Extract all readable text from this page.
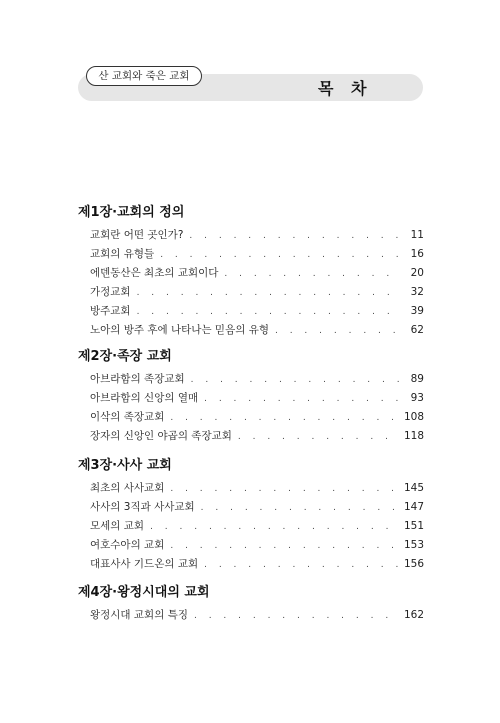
산 교회와 죽은 교회
목 차
제1장·교회의 정의
교회란 어떤 곳인가? . . .	11
교회의 유형들 . . .	16
에덴동산은 최초의 교회이다 . . .	20
가정교회 . . .	32
방주교회 . . .	39
노아의 방주 후에 나타나는 믿음의 유형 . . .	62
제2장·족장 교회
아브라함의 족장교회 . . .	89
아브라함의 신앙의 열매 . . .	93
이삭의 족장교회 . . .	108
장자의 신앙인 야곱의 족장교회 . . .	118
제3장·사사 교회
최초의 사사교회 . . .	145
사사의 3직과 사사교회 . . .	147
모세의 교회 . . .	151
여호수아의 교회 . . .	153
대표사사 기드온의 교회 . . .	156
제4장·왕정시대의 교회
왕정시대 교회의 특징 . . .	162
